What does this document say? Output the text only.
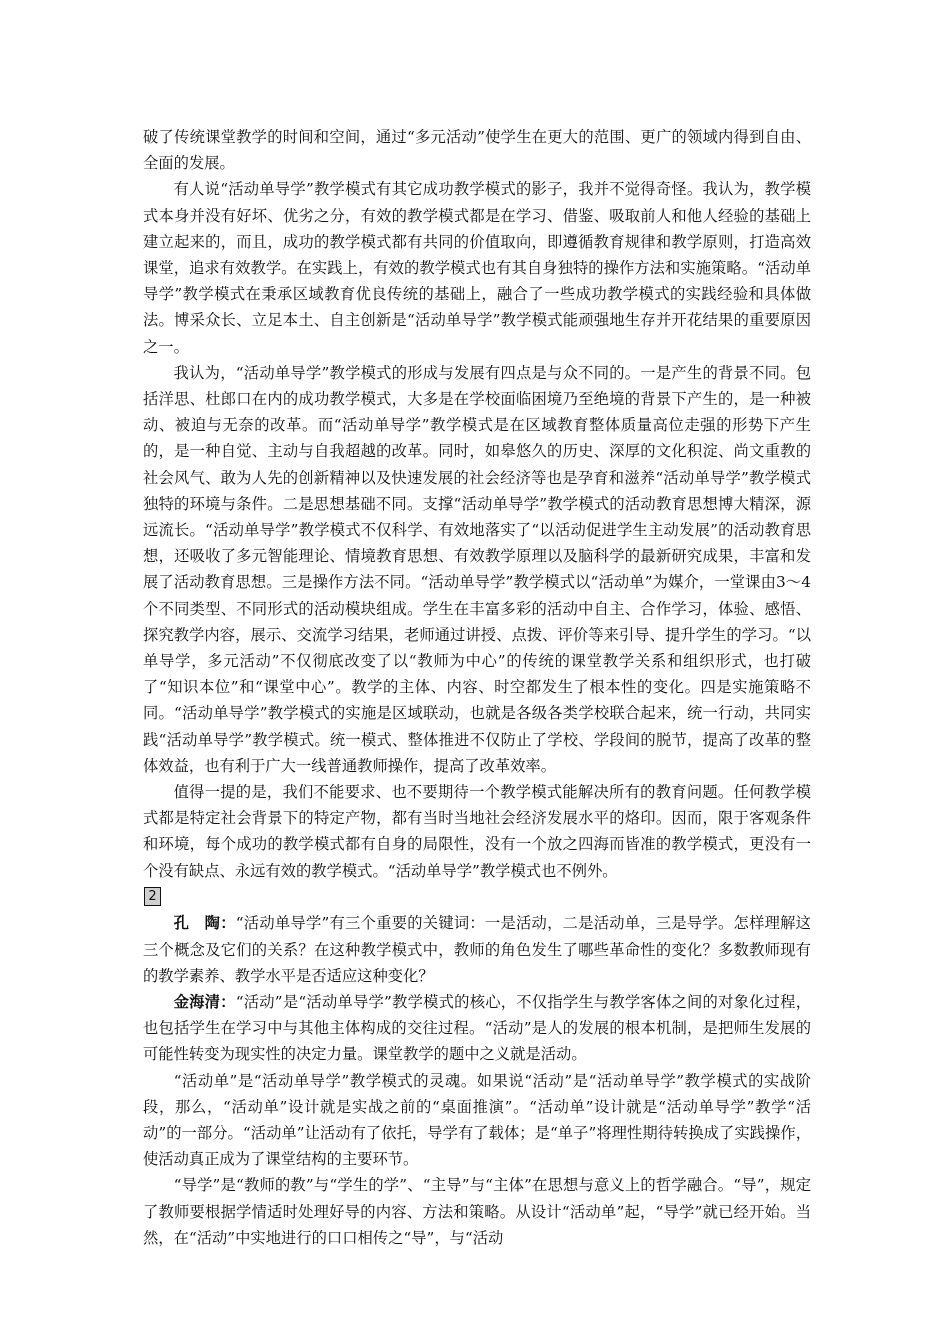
破了传统课堂教学的时间和空间，通过“多元活动”使学生在更大的范围、更广的领域内得到自由、全面的发展。

有人说“活动单导学”教学模式有其它成功教学模式的影子，我并不觉得奇怪。我认为，教学模式本身并没有好坏、优劣之分，有效的教学模式都是在学习、借鉴、吸取前人和他人经验的基础上建立起来的，而且，成功的教学模式都有共同的价值取向，即遵循教育规律和教学原则，打造高效课堂，追求有效教学。在实践上，有效的教学模式也有其自身独特的操作方法和实施策略。“活动单导学”教学模式在秉承区域教育优良传统的基础上，融合了一些成功教学模式的实践经验和具体做法。博采众长、立足本土、自主创新是“活动单导学”教学模式能顽强地生存并开花结果的重要原因之一。

我认为，“活动单导学”教学模式的形成与发展有四点是与众不同的。一是产生的背景不同。包括洋思、杜郎口在内的成功教学模式，大多是在学校面临困境乃至绝境的背景下产生的，是一种被动、被迫与无奈的改革。而“活动单导学”教学模式是在区域教育整体质量高位走强的形势下产生的，是一种自觉、主动与自我超越的改革。同时，如皋悠久的历史、深厚的文化积淀、尚文重教的社会风气、敢为人先的创新精神以及快速发展的社会经济等也是孕育和滋养“活动单导学”教学模式独特的环境与条件。二是思想基础不同。支撑“活动单导学”教学模式的活动教育思想博大精深，源远流长。“活动单导学”教学模式不仅科学、有效地落实了“以活动促进学生主动发展”的活动教育思想，还吸收了多元智能理论、情境教育思想、有效教学原理以及脑科学的最新研究成果，丰富和发展了活动教育思想。三是操作方法不同。“活动单导学”教学模式以“活动单”为媒介，一堂课由3～4个不同类型、不同形式的活动模块组成。学生在丰富多彩的活动中自主、合作学习，体验、感悟、探究教学内容，展示、交流学习结果，老师通过讲授、点拨、评价等来引导、提升学生的学习。“以单导学，多元活动”不仅彻底改变了以“教师为中心”的传统的课堂教学关系和组织形式，也打破了“知识本位”和“课堂中心”。教学的主体、内容、时空都发生了根本性的变化。四是实施策略不同。“活动单导学”教学模式的实施是区域联动，也就是各级各类学校联合起来，统一行动，共同实践“活动单导学”教学模式。统一模式、整体推进不仅防止了学校、学段间的脱节，提高了改革的整体效益，也有利于广大一线普通教师操作，提高了改革效率。

值得一提的是，我们不能要求、也不要期待一个教学模式能解决所有的教育问题。任何教学模式都是特定社会背景下的特定产物，都有当时当地社会经济发展水平的烙印。因而，限于客观条件和环境，每个成功的教学模式都有自身的局限性，没有一个放之四海而皆准的教学模式，更没有一个没有缺点、永远有效的教学模式。“活动单导学”教学模式也不例外。

2

孔　陶：“活动单导学”有三个重要的关键词：一是活动，二是活动单，三是导学。怎样理解这三个概念及它们的关系？在这种教学模式中，教师的角色发生了哪些革命性的变化？多数教师现有的教学素养、教学水平是否适应这种变化？

金海清：“活动”是“活动单导学”教学模式的核心，不仅指学生与教学客体之间的对象化过程，也包括学生在学习中与其他主体构成的交往过程。“活动”是人的发展的根本机制，是把师生发展的可能性转变为现实性的决定力量。课堂教学的题中之义就是活动。

“活动单”是“活动单导学”教学模式的灵魂。如果说“活动”是“活动单导学”教学模式的实战阶段，那么，“活动单”设计就是实战之前的“桌面推演”。“活动单”设计就是“活动单导学”教学“活动”的一部分。“活动单”让活动有了依托，导学有了载体；是“单子”将理性期待转换成了实践操作，使活动真正成为了课堂结构的主要环节。

“导学”是“教师的教”与“学生的学”、“主导”与“主体”在思想与意义上的哲学融合。“导”，规定了教师要根据学情适时处理好导的内容、方法和策略。从设计“活动单”起，“导学”就已经开始。当然，在“活动”中实地进行的口口相传之“导”，与“活动
